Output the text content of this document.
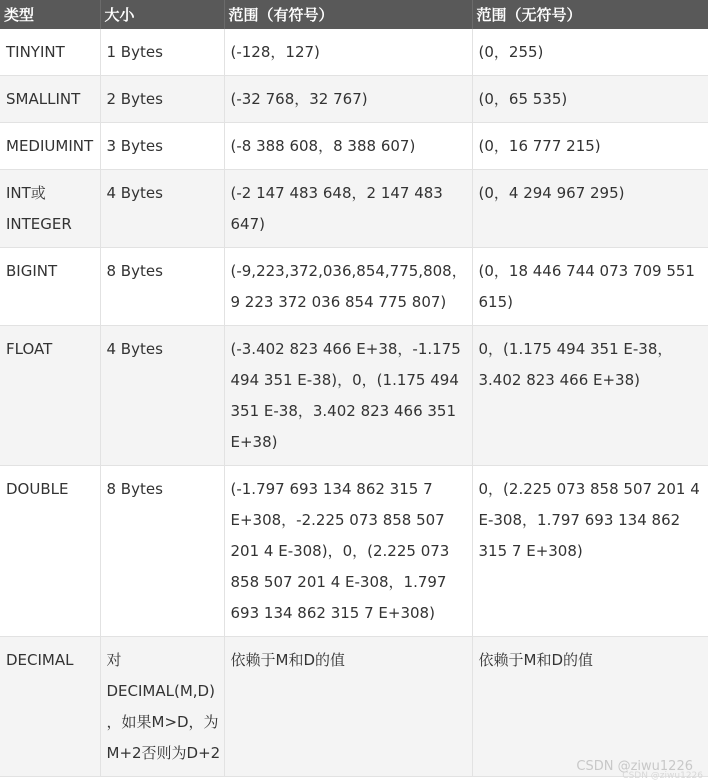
类型	大小	范围（有符号）	范围（无符号）
TINYINT	1 Bytes	(-128，127)	(0，255)
SMALLINT	2 Bytes	(-32 768，32 767)	(0，65 535)
MEDIUMINT	3 Bytes	(-8 388 608，8 388 607)	(0，16 777 215)
INT或INTEGER	4 Bytes	(-2 147 483 648，2 147 483 647)	(0，4 294 967 295)
BIGINT	8 Bytes	(-9,223,372,036,854,775,808，9 223 372 036 854 775 807)	(0，18 446 744 073 709 551 615)
FLOAT	4 Bytes	(-3.402 823 466 E+38，-1.175 494 351 E-38)，0，(1.175 494 351 E-38，3.402 823 466 351 E+38)	0，(1.175 494 351 E-38，3.402 823 466 E+38)
DOUBLE	8 Bytes	(-1.797 693 134 862 315 7 E+308，-2.225 073 858 507 201 4 E-308)，0，(2.225 073 858 507 201 4 E-308，1.797 693 134 862 315 7 E+308)	0，(2.225 073 858 507 201 4 E-308，1.797 693 134 862 315 7 E+308)
DECIMAL	对DECIMAL(M,D) ，如果M>D，为M+2否则为D+2	依赖于M和D的值	依赖于M和D的值
CSDN @ziwu1226
CSDN @ziwu1226
